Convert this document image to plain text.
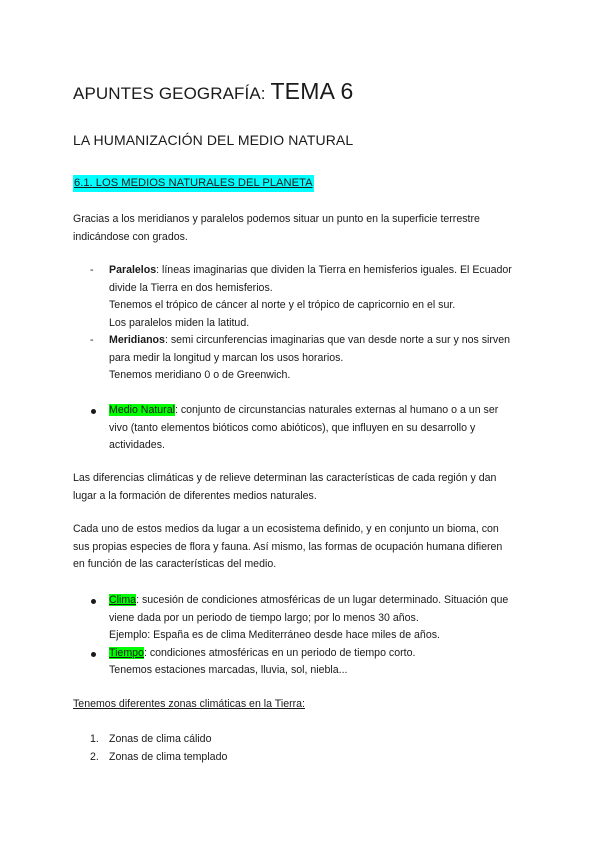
APUNTES GEOGRAFÍA: TEMA 6
LA HUMANIZACIÓN DEL MEDIO NATURAL
6.1. LOS MEDIOS NATURALES DEL PLANETA

Gracias a los meridianos y paralelos podemos situar un punto en la superficie terrestre

indicándose con grados.

- Paralelos: líneas imaginarias que dividen la Tierra en hemisferios iguales. El Ecuador
divide la Tierra en dos hemisferios.
Tenemos el trópico de cáncer al norte y el trópico de capricornio en el sur.
Los paralelos miden la latitud.
- Meridianos: semi circunferencias imaginarias que van desde norte a sur y nos sirven
para medir la longitud y marcan los usos horarios.
Tenemos meridiano 0 o de Greenwich.
Medio Natural: conjunto de circunstancias naturales externas al humano o a un ser
vivo (tanto elementos bióticos como abióticos), que influyen en su desarrollo y
actividades.

Las diferencias climáticas y de relieve determinan las características de cada región y dan

lugar a la formación de diferentes medios naturales.

Cada uno de estos medios da lugar a un ecosistema definido, y en conjunto un bioma, con

sus propias especies de flora y fauna. Así mismo, las formas de ocupación humana difieren

en función de las características del medio.

Clima: sucesión de condiciones atmosféricas de un lugar determinado. Situación que
viene dada por un periodo de tiempo largo; por lo menos 30 años.
Ejemplo: España es de clima Mediterráneo desde hace miles de años.
Tiempo: condiciones atmosféricas en un periodo de tiempo corto.
Tenemos estaciones marcadas, lluvia, sol, niebla...

Tenemos diferentes zonas climáticas en la Tierra:

1. Zonas de clima cálido
2. Zonas de clima templado
